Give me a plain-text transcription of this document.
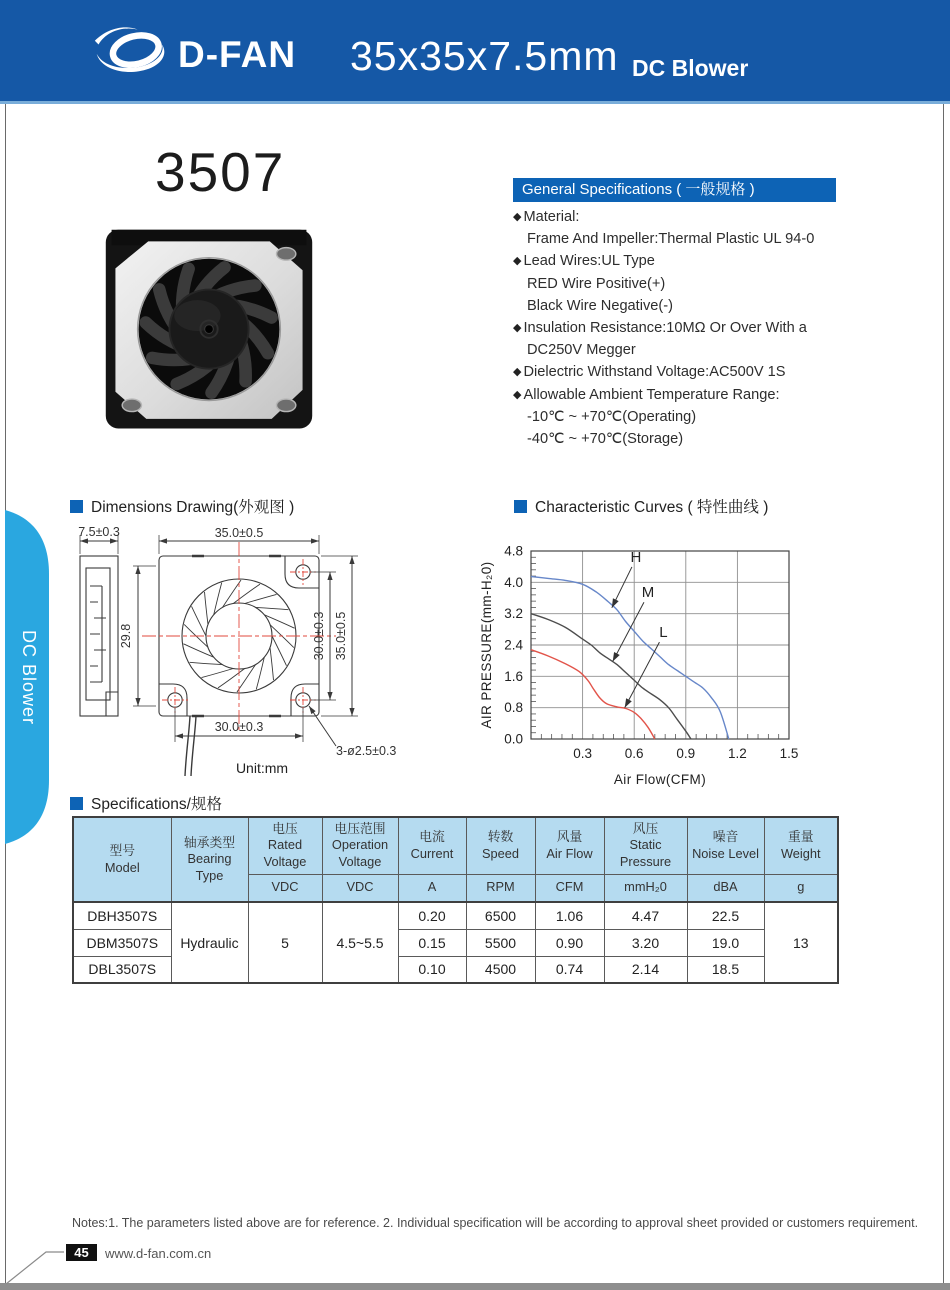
D-FAN 35x35x7.5mm DC Blower
DC Blower
3507	General Specifications ( 一般规格 )
◆ Material:
Frame And Impeller:Thermal Plastic UL 94-0
◆ Lead Wires:UL Type
RED Wire Positive(+)
Black Wire Negative(-)
◆ Insulation Resistance:10MΩ Or Over With a
DC250V Megger
◆ Dielectric Withstand Voltage:AC500V 1S
◆ Allowable Ambient Temperature Range:
-10℃ ~ +70℃(Operating)
-40℃ ~ +70℃(Storage)
Dimensions Drawing(外观图 )	Characteristic Curves ( 特性曲线 )
35.0±0.5
7.5±0.3
29.8	30.0±0.3 35.0±0.5
30.0±0.3
3-ø2.5±0.3
Unit:mm
0.3 0.6 0.9 1.2 1.5
0.0
0.8
1.6
2.4
3.2
4.0
4.8
AIR PRESSURE(mm-H₂0)
Air Flow(CFM)
H
M
L
Specifications/规格
型号
Model

轴承类型
Bearing Type

电压
Rated Voltage

电压范围
Operation Voltage

电流
Current

转数
Speed

风量
Air Flow

风压
Static Pressure

噪音
Noise Level

重量
Weight

		VDC	VDC	A	RPM	CFM	mmH₂0	dBA	g
DBH3507S	Hydraulic	5	4.5~5.5	0.20	6500	1.06	4.47	22.5	13
DBM3507S				0.15	5500	0.90	3.20	19.0	
DBL3507S				0.10	4500	0.74	2.14	18.5	
Notes:1. The parameters listed above are for reference. 2. Individual specification will be according to approval sheet provided or customers requirement.
45	www.d-fan.com.cn
